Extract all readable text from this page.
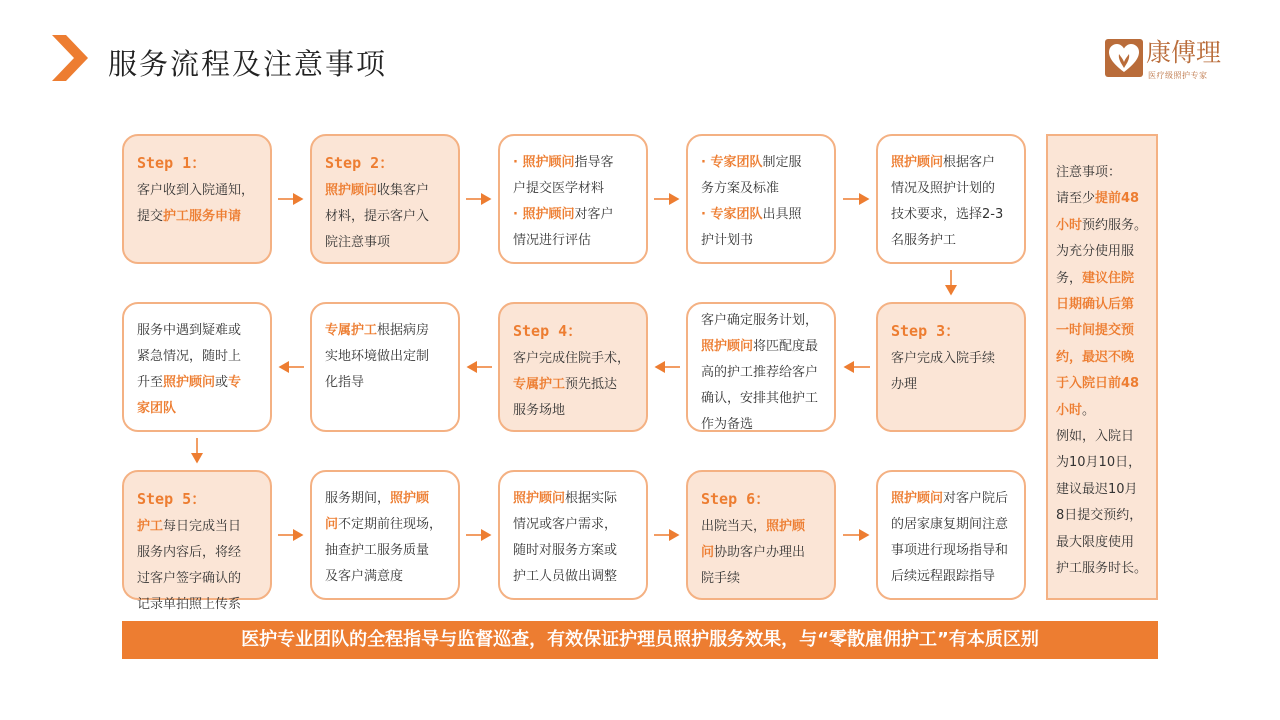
服务流程及注意事项	康傅理
医疗级照护专家
Step 1：
客户收到入院通知，
提交护工服务申请
Step 2：
照护顾问收集客户
材料，提示客户入
院注意事项
· 照护顾问指导客
户提交医学材料
· 照护顾问对客户
情况进行评估
· 专家团队制定服
务方案及标准
· 专家团队出具照
护计划书
照护顾问根据客户
情况及照护计划的
技术要求，选择2-3
名服务护工
Step 3：
客户完成入院手续
办理
客户确定服务计划，
照护顾问将匹配度最
高的护工推荐给客户
确认，安排其他护工
作为备选
Step 4：
客户完成住院手术，
专属护工预先抵达
服务场地
专属护工根据病房
实地环境做出定制
化指导
服务中遇到疑难或
紧急情况，随时上
升至照护顾问或专
家团队
Step 5：
护工每日完成当日
服务内容后，将经
过客户签字确认的
记录单拍照上传系
服务期间，照护顾
问不定期前往现场，
抽查护工服务质量
及客户满意度
照护顾问根据实际
情况或客户需求，
随时对服务方案或
护工人员做出调整
Step 6：
出院当天，照护顾
问协助客户办理出
院手续
照护顾问对客户院后
的居家康复期间注意
事项进行现场指导和
后续远程跟踪指导
注意事项：
请至少提前48
小时预约服务。
为充分使用服
务，建议住院
日期确认后第
一时间提交预
约，最迟不晚
于入院日前48
小时。
例如，入院日
为10月10日，
建议最迟10月
8日提交预约，
最大限度使用
护工服务时长。
医护专业团队的全程指导与监督巡查，有效保证护理员照护服务效果，与“零散雇佣护工”有本质区别
